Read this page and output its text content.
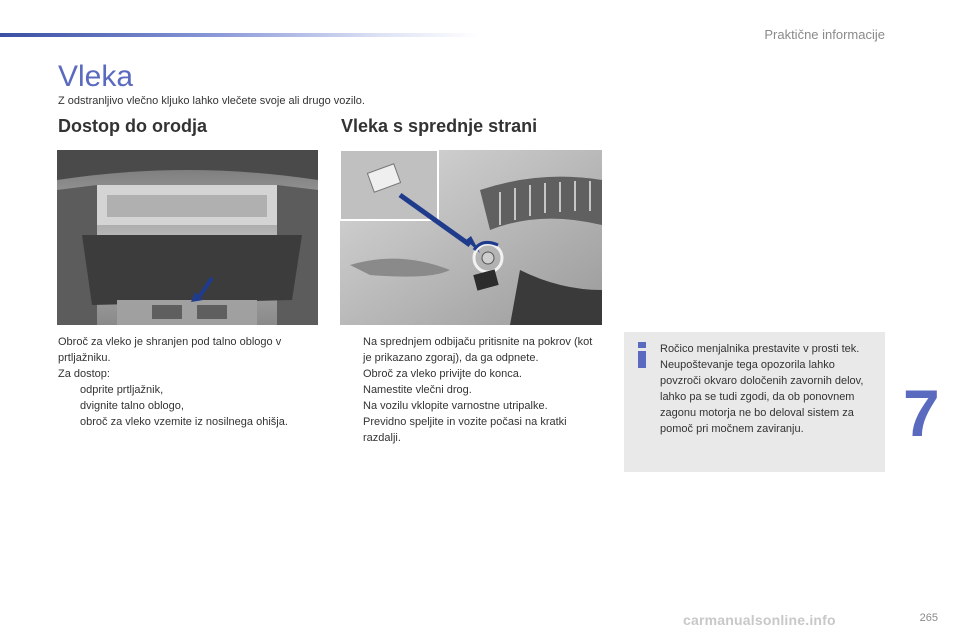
Praktične informacije
Vleka

Z odstranljivo vlečno kljuko lahko vlečete svoje ali drugo vozilo.

Dostop do orodja	Vleka s sprednje strani

Obroč za vleko je shranjen pod talno oblogo v prtljažniku.

Za dostop:

odprite prtljažnik,
dvignite talno oblogo,
obroč za vleko vzemite iz nosilnega ohišja.
Na sprednjem odbijaču pritisnite na pokrov (kot je prikazano zgoraj), da ga odpnete.
Obroč za vleko privijte do konca.
Namestite vlečni drog.
Na vozilu vklopite varnostne utripalke.
Previdno speljite in vozite počasi na kratki razdalji.

Ročico menjalnika prestavite v prosti tek. Neupoštevanje tega opozorila lahko povzroči okvaro določenih zavornih delov, lahko pa se tudi zgodi, da ob ponovnem zagonu motorja ne bo deloval sistem za pomoč pri močnem zaviranju.	7
carmanualsonline.info	265
